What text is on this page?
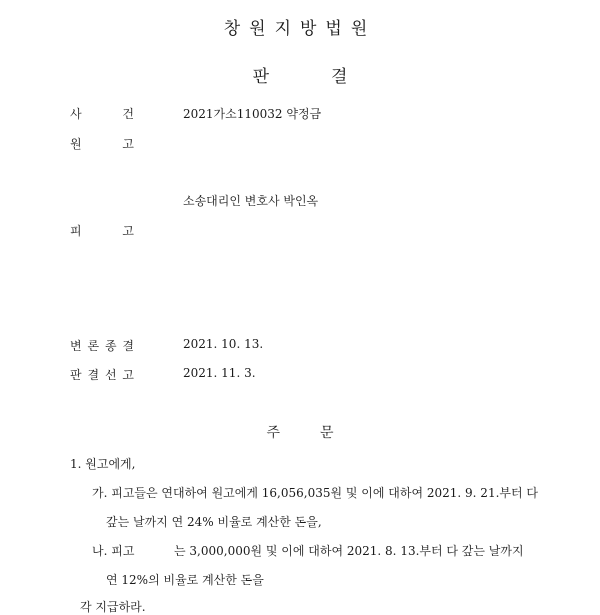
창원지방법원
판	결
사	건	2021가소110032 약정금
원	고
소송대리인 변호사 박인옥
피	고
변 론 종 결	2021. 10. 13.
판 결 선 고	2021. 11. 3.
주	문
1. 원고에게,
가. 피고들은 연대하여 원고에게 16,056,035원 및 이에 대하여 2021. 9. 21.부터 다
갚는 날까지 연 24% 비율로 계산한 돈을,
나. 피고	는 3,000,000원 및 이에 대하여 2021. 8. 13.부터 다 갚는 날까지
연 12%의 비율로 계산한 돈을
각 지급하라.
